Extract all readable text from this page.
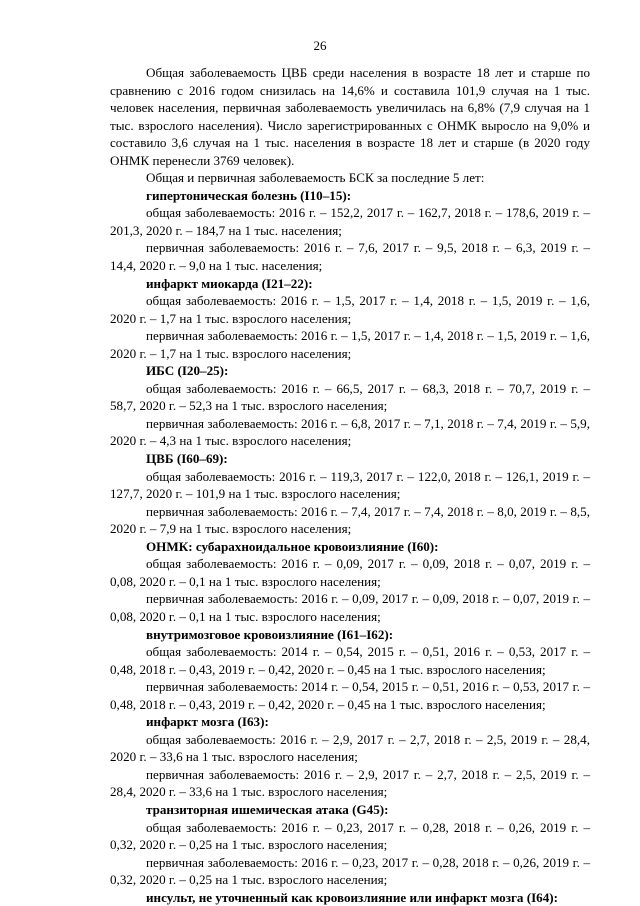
26

Общая заболеваемость ЦВБ среди населения в возрасте 18 лет и старше по сравнению с 2016 годом снизилась на 14,6% и составила 101,9 случая на 1 тыс. человек населения, первичная заболеваемость увеличилась на 6,8% (7,9 случая на 1 тыс. взрослого населения). Число зарегистрированных с ОНМК выросло на 9,0% и составило 3,6 случая на 1 тыс. населения в возрасте 18 лет и старше (в 2020 году ОНМК перенесли 3769 человек).

Общая и первичная заболеваемость БСК за последние 5 лет:

гипертоническая болезнь (I10–15):

общая заболеваемость: 2016 г. – 152,2, 2017 г. – 162,7, 2018 г. – 178,6, 2019 г. – 201,3, 2020 г. – 184,7 на 1 тыс. населения;

первичная заболеваемость: 2016 г. – 7,6, 2017 г. – 9,5, 2018 г. – 6,3, 2019 г. – 14,4, 2020 г. – 9,0 на 1 тыс. населения;

инфаркт миокарда (I21–22):

общая заболеваемость: 2016 г. – 1,5, 2017 г. – 1,4, 2018 г. – 1,5, 2019 г. – 1,6, 2020 г. – 1,7 на 1 тыс. взрослого населения;

первичная заболеваемость: 2016 г. – 1,5, 2017 г. – 1,4, 2018 г. – 1,5, 2019 г. – 1,6, 2020 г. – 1,7 на 1 тыс. взрослого населения;

ИБС (I20–25):

общая заболеваемость: 2016 г. – 66,5, 2017 г. – 68,3, 2018 г. – 70,7, 2019 г. – 58,7, 2020 г. – 52,3 на 1 тыс. взрослого населения;

первичная заболеваемость: 2016 г. – 6,8, 2017 г. – 7,1, 2018 г. – 7,4, 2019 г. – 5,9, 2020 г. – 4,3 на 1 тыс. взрослого населения;

ЦВБ (I60–69):

общая заболеваемость: 2016 г. – 119,3, 2017 г. – 122,0, 2018 г. – 126,1, 2019 г. – 127,7, 2020 г. – 101,9 на 1 тыс. взрослого населения;

первичная заболеваемость: 2016 г. – 7,4, 2017 г. – 7,4, 2018 г. – 8,0, 2019 г. – 8,5, 2020 г. – 7,9 на 1 тыс. взрослого населения;

ОНМК: субарахноидальное кровоизлияние (I60):

общая заболеваемость: 2016 г. – 0,09, 2017 г. – 0,09, 2018 г. – 0,07, 2019 г. – 0,08, 2020 г. – 0,1 на 1 тыс. взрослого населения;

первичная заболеваемость: 2016 г. – 0,09, 2017 г. – 0,09, 2018 г. – 0,07, 2019 г. – 0,08, 2020 г. – 0,1 на 1 тыс. взрослого населения;

внутримозговое кровоизлияние (I61–I62):

общая заболеваемость: 2014 г. – 0,54, 2015 г. – 0,51, 2016 г. – 0,53, 2017 г. – 0,48, 2018 г. – 0,43, 2019 г. – 0,42, 2020 г. – 0,45 на 1 тыс. взрослого населения;

первичная заболеваемость: 2014 г. – 0,54, 2015 г. – 0,51, 2016 г. – 0,53, 2017 г. – 0,48, 2018 г. – 0,43, 2019 г. – 0,42, 2020 г. – 0,45 на 1 тыс. взрослого населения;

инфаркт мозга (I63):

общая заболеваемость: 2016 г. – 2,9, 2017 г. – 2,7, 2018 г. – 2,5, 2019 г. – 28,4, 2020 г. – 33,6 на 1 тыс. взрослого населения;

первичная заболеваемость: 2016 г. – 2,9, 2017 г. – 2,7, 2018 г. – 2,5, 2019 г. – 28,4, 2020 г. – 33,6 на 1 тыс. взрослого населения;

транзиторная ишемическая атака (G45):

общая заболеваемость: 2016 г. – 0,23, 2017 г. – 0,28, 2018 г. – 0,26, 2019 г. – 0,32, 2020 г. – 0,25 на 1 тыс. взрослого населения;

первичная заболеваемость: 2016 г. – 0,23, 2017 г. – 0,28, 2018 г. – 0,26, 2019 г. – 0,32, 2020 г. – 0,25 на 1 тыс. взрослого населения;

инсульт, не уточненный как кровоизлияние или инфаркт мозга (I64):
